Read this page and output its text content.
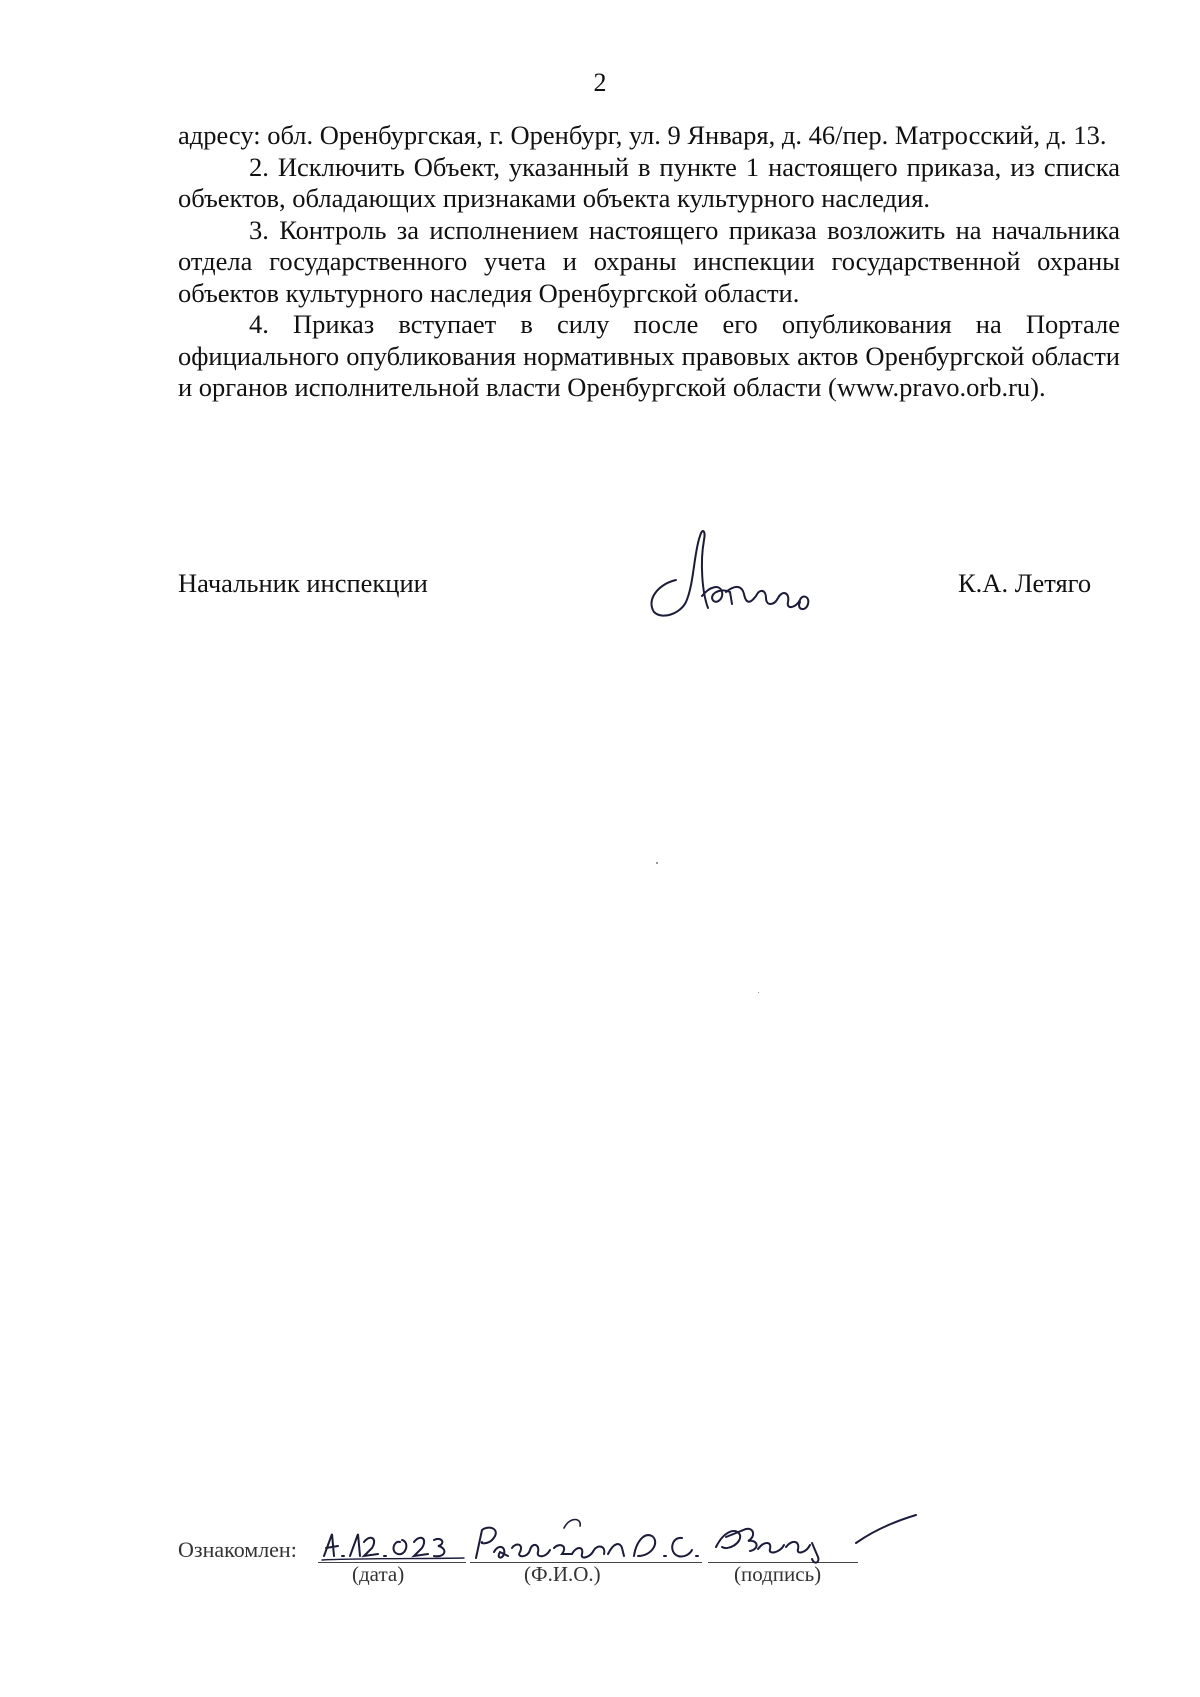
2

адресу: обл. Оренбургская, г. Оренбург, ул. 9 Января, д. 46/пер. Матросский, д. 13.

2. Исключить Объект, указанный в пункте 1 настоящего приказа, из списка объектов, обладающих признаками объекта культурного наследия.

3. Контроль за исполнением настоящего приказа возложить на начальника отдела государственного учета и охраны инспекции государственной охраны объектов культурного наследия Оренбургской области.

4. Приказ вступает в силу после его опубликования на Портале официального опубликования нормативных правовых актов Оренбургской области и органов исполнительной власти Оренбургской области (www.pravo.orb.ru).

Начальник инспекции	К.А. Летяго
Ознакомлен:
(дата)	(Ф.И.О.)	(подпись)
